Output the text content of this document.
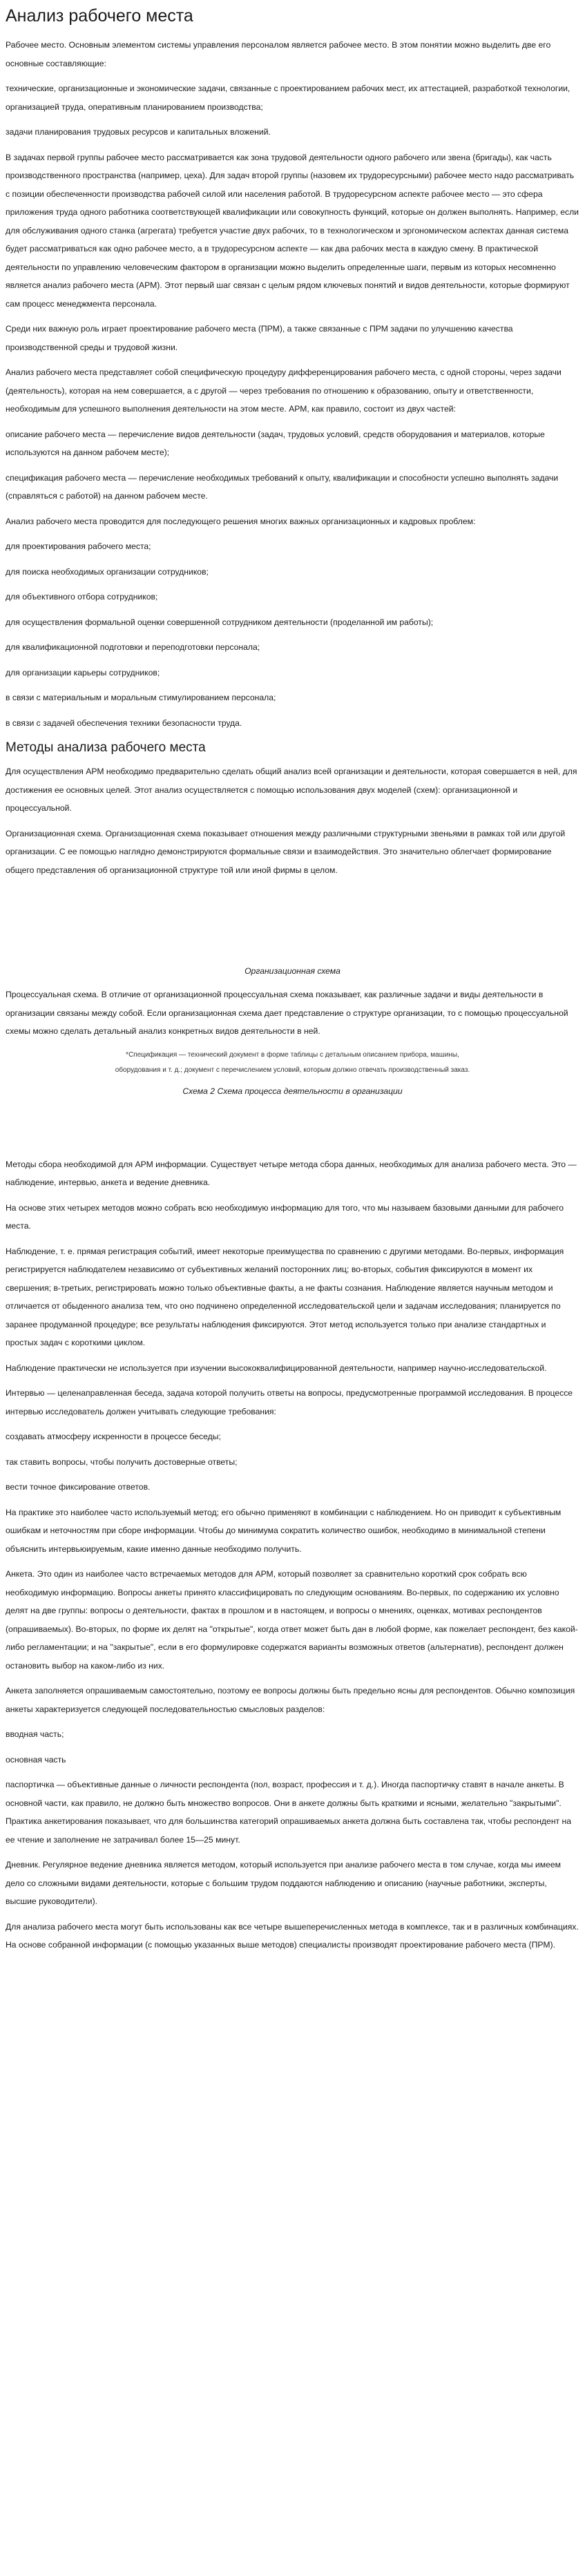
Анализ рабочего места

Рабочее место. Основным элементом системы управления персоналом является рабочее место. В этом понятии можно выделить две его основные составляющие:

технические, организационные и экономические задачи, связанные с проектированием рабочих мест, их аттестацией, разработкой технологии, организацией труда, оперативным планированием производства;

задачи планирования трудовых ресурсов и капитальных вложений.

В задачах первой группы рабочее место рассматривается как зона трудовой деятельности одного рабочего или звена (бригады), как часть производственного пространства (например, цеха). Для задач второй группы (назовем их трудоресурсными) рабочее место надо рассматривать с позиции обеспеченности производства рабочей силой или населения работой. В трудоресурсном аспекте рабочее место — это сфера приложения труда одного работника соответствующей квалификации или совокупность функций, которые он должен выполнять. Например, если для обслуживания одного станка (агрегата) требуется участие двух рабочих, то в технологическом и эргономическом аспектах данная система будет рассматриваться как одно рабочее место, а в трудоресурсном аспекте — как два рабочих места в каждую смену. В практической деятельности по управлению человеческим фактором в организации можно выделить определенные шаги, первым из которых несомненно является анализ рабочего места (АРМ). Этот первый шаг связан с целым рядом ключевых понятий и видов деятельности, которые формируют сам процесс менеджмента персонала.

Среди них важную роль играет проектирование рабочего места (ПРМ), а также связанные с ПРМ задачи по улучшению качества производственной среды и трудовой жизни.

Анализ рабочего места представляет собой специфическую процедуру дифференцирования рабочего места, с одной стороны, через задачи (деятельность), которая на нем совершается, а с другой — через требования по отношению к образованию, опыту и ответственности, необходимым для успешного выполнения деятельности на этом месте. АРМ, как правило, состоит из двух частей:

описание рабочего места — перечисление видов деятельности (задач, трудовых условий, средств оборудования и материалов, которые используются на данном рабочем месте);

спецификация рабочего места — перечисление необходимых требований к опыту, квалификации и способности успешно выполнять задачи (справляться с работой) на данном рабочем месте.

Анализ рабочего места проводится для последующего решения многих важных организационных и кадровых проблем:

для проектирования рабочего места;

для поиска необходимых организации сотрудников;

для объективного отбора сотрудников;

для осуществления формальной оценки совершенной сотрудником деятельности (проделанной им работы);

для квалификационной подготовки и переподготовки персонала;

для организации карьеры сотрудников;

в связи с материальным и моральным стимулированием персонала;

в связи с задачей обеспечения техники безопасности труда.

Методы анализа рабочего места

Для осуществления АРМ необходимо предварительно сделать общий анализ всей организации и деятельности, которая совершается в ней, для достижения ее основных целей. Этот анализ осуществляется с помощью использования двух моделей (схем): организационной и процессуальной.

Организационная схема. Организационная схема показывает отношения между различными структурными звеньями в рамках той или другой организации. С ее помощью наглядно демонстрируются формальные связи и взаимодействия. Это значительно облегчает формирование общего представления об организационной структуре той или иной фирмы в целом.

Организационная схема

Процессуальная схема. В отличие от организационной процессуальная схема показывает, как различные задачи и виды деятельности в организации связаны между собой. Если организационная схема дает представление о структуре организации, то с помощью процессуальной схемы можно сделать детальный анализ конкретных видов деятельности в ней.

*Спецификация — технический документ в форме таблицы с детальным описанием прибора, машины,

оборудования и т. д.; документ с перечислением условий, которым должно отвечать производственный заказ.

Схема 2 Схема процесса деятельности в организации

Методы сбора необходимой для АРМ информации. Существует четыре метода сбора данных, необходимых для анализа рабочего места. Это — наблюдение, интервью, анкета и ведение дневника.

На основе этих четырех методов можно собрать всю необходимую информацию для того, что мы называем базовыми данными для рабочего места.

Наблюдение, т. е. прямая регистрация событий, имеет некоторые преимущества по сравнению с другими методами. Во-первых, информация регистрируется наблюдателем независимо от субъективных желаний посторонних лиц; во-вторых, события фиксируются в момент их свершения; в-третьих, регистрировать можно только объективные факты, а не факты сознания. Наблюдение является научным методом и отличается от обыденного анализа тем, что оно подчинено определенной исследовательской цели и задачам исследования; планируется по заранее продуманной процедуре; все результаты наблюдения фиксируются. Этот метод используется только при анализе стандартных и простых задач с короткими циклом.

Наблюдение практически не используется при изучении высококвалифицированной деятельности, например научно-исследовательской.

Интервью — целенаправленная беседа, задача которой получить ответы на вопросы, предусмотренные программой исследования. В процессе интервью исследователь должен учитывать следующие требования:

создавать атмосферу искренности в процессе беседы;

так ставить вопросы, чтобы получить достоверные ответы;

вести точное фиксирование ответов.

На практике это наиболее часто используемый метод; его обычно применяют в комбинации с наблюдением. Но он приводит к субъективным ошибкам и неточностям при сборе информации. Чтобы до минимума сократить количество ошибок, необходимо в минимальной степени объяснить интервьюируемым, какие именно данные необходимо получить.

Анкета. Это один из наиболее часто встречаемых методов для АРМ, который позволяет за сравнительно короткий срок собрать всю необходимую информацию. Вопросы анкеты принято классифицировать по следующим основаниям. Во-первых, по содержанию их условно делят на две группы: вопросы о деятельности, фактах в прошлом и в настоящем, и вопросы о мнениях, оценках, мотивах респондентов (опрашиваемых). Во-вторых, по форме их делят на "открытые", когда ответ может быть дан в любой форме, как пожелает респондент, без какой-либо регламентации; и на "закрытые", если в его формулировке содержатся варианты возможных ответов (альтернатив), респондент должен остановить выбор на каком-либо из них.

Анкета заполняется опрашиваемым самостоятельно, поэтому ее вопросы должны быть предельно ясны для респондентов. Обычно композиция анкеты характеризуется следующей последовательностью смысловых разделов:

вводная часть;

основная часть

паспортичка — объективные данные о личности респондента (пол, возраст, профессия и т. д.). Иногда паспортичку ставят в начале анкеты. В основной части, как правило, не должно быть множество вопросов. Они в анкете должны быть краткими и ясными, желательно "закрытыми". Практика анкетирования показывает, что для большинства категорий опрашиваемых анкета должна быть составлена так, чтобы респондент на ее чтение и заполнение не затрачивал более 15—25 минут.

Дневник. Регулярное ведение дневника является методом, который используется при анализе рабочего места в том случае, когда мы имеем дело со сложными видами деятельности, которые с большим трудом поддаются наблюдению и описанию (научные работники, эксперты, высшие руководители).

Для анализа рабочего места могут быть использованы как все четыре вышеперечисленных метода в комплексе, так и в различных комбинациях. На основе собранной информации (с помощью указанных выше методов) специалисты производят проектирование рабочего места (ПРМ).
